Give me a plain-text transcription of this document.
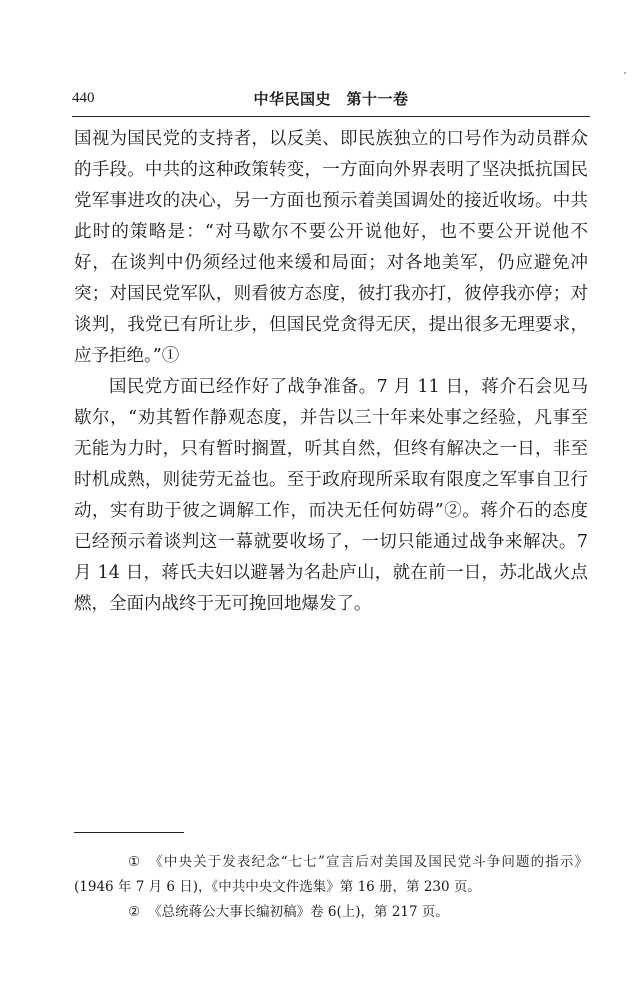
440	中华民国史　第十一卷

国视为国民党的支持者，以反美、即民族独立的口号作为动员群众的手段。中共的这种政策转变，一方面向外界表明了坚决抵抗国民党军事进攻的决心，另一方面也预示着美国调处的接近收场。中共此时的策略是：“对马歇尔不要公开说他好，也不要公开说他不好，在谈判中仍须经过他来缓和局面；对各地美军，仍应避免冲突；对国民党军队，则看彼方态度，彼打我亦打，彼停我亦停；对谈判，我党已有所让步，但国民党贪得无厌，提出很多无理要求，应予拒绝。”①

国民党方面已经作好了战争准备。7 月 11 日，蒋介石会见马歇尔，“劝其暂作静观态度，并告以三十年来处事之经验，凡事至无能为力时，只有暂时搁置，听其自然，但终有解决之一日，非至时机成熟，则徒劳无益也。至于政府现所采取有限度之军事自卫行动，实有助于彼之调解工作，而决无任何妨碍”②。蒋介石的态度已经预示着谈判这一幕就要收场了，一切只能通过战争来解决。7 月 14 日，蒋氏夫妇以避暑为名赴庐山，就在前一日，苏北战火点燃，全面内战终于无可挽回地爆发了。

① 《中央关于发表纪念“七七”宣言后对美国及国民党斗争问题的指示》(1946 年 7 月 6 日)，《中共中央文件选集》第 16 册，第 230 页。

② 《总统蒋公大事长编初稿》卷 6(上)，第 217 页。
